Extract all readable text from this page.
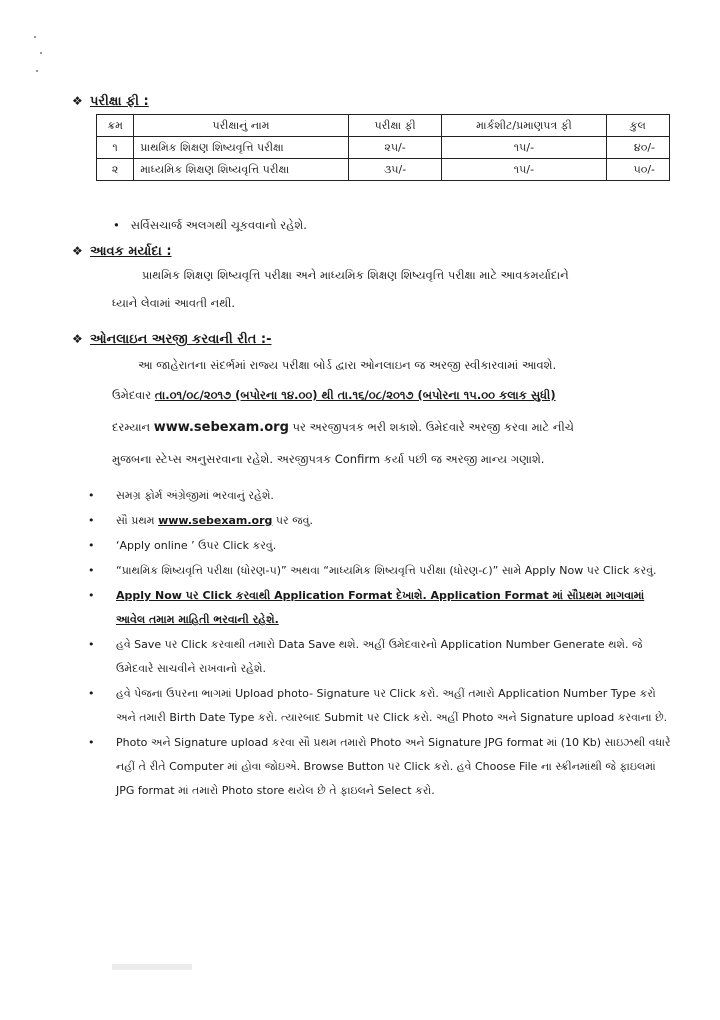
❖ પરીક્ષા ફી :
ક્રમ	પરીક્ષાનું નામ	પરીક્ષા ફી	માર્કશીટ/પ્રમાણપત્ર ફી	કુલ
૧	પ્રાથમિક શિક્ષણ શિષ્યવૃત્તિ પરીક્ષા	૨૫/-	૧૫/-	૪૦/-
૨	માધ્યમિક શિક્ષણ શિષ્યવૃત્તિ પરીક્ષા	૩૫/-	૧૫/-	૫૦/-
• સર્વિસચાર્જ અલગથી ચૂકવવાનો રહેશે.
❖ આવક મર્યાદા :
પ્રાથમિક શિક્ષણ શિષ્યવૃત્તિ પરીક્ષા અને માધ્યમિક શિક્ષણ શિષ્યવૃત્તિ પરીક્ષા માટે આવકમર્યાદાને
ધ્યાને લેવામાં આવતી નથી.
❖ ઓનલાઇન અરજી કરવાની રીત :-
આ જાહેરાતના સંદર્ભમાં રાજ્ય પરીક્ષા બોર્ડ દ્વારા ઓનલાઇન જ અરજી સ્વીકારવામાં આવશે.
ઉમેદવાર તા.૦૧/૦૮/૨૦૧૭ (બપોરના ૧૪.૦૦) થી તા.૧૬/૦૮/૨૦૧૭ (બપોરના ૧૫.૦૦ કલાક સુધી)
દરમ્યાન www.sebexam.org પર અરજીપત્રક ભરી શકાશે. ઉમેદવારે અરજી કરવા માટે નીચે
મુજબના સ્ટેપ્સ અનુસરવાના રહેશે. અરજીપત્રક Confirm કર્યા પછી જ અરજી માન્ય ગણાશે.
• સમગ્ર ફોર્મ અંગ્રેજીમાં ભરવાનું રહેશે.
• સૌ પ્રથમ www.sebexam.org પર જવું.
• ‘Apply online ’ ઉપર Click કરવું.
• “પ્રાથમિક શિષ્યવૃત્તિ પરીક્ષા (ધોરણ-૫)” અથવા “માધ્યમિક શિષ્યવૃત્તિ પરીક્ષા (ધોરણ-૮)” સામે Apply Now પર Click કરવું.
• Apply Now પર Click કરવાથી Application Format દેખાશે. Application Format માં સૌપ્રથમ માગવામાં આવેલ તમામ માહિતી ભરવાની રહેશે.
• હવે Save પર Click કરવાથી તમારો Data Save થશે. અહીં ઉમેદવારનો Application Number Generate થશે. જે ઉમેદવારે સાચવીને રાખવાનો રહેશે.
• હવે પેજના ઉપરના ભાગમાં Upload photo- Signature પર Click કરો. અહીં તમારો Application Number Type કરો અને તમારી Birth Date Type કરો. ત્યારબાદ Submit પર Click કરો. અહીં Photo અને Signature upload કરવાના છે.
• Photo અને Signature upload કરવા સૌ પ્રથમ તમારો Photo અને Signature JPG format માં (10 Kb) સાઇઝથી વધારે નહીં તે રીતે Computer માં હોવા જોઇએ. Browse Button પર Click કરો. હવે Choose File ના સ્ક્રીનમાંથી જે ફાઇલમાં JPG format માં તમારો Photo store થયેલ છે તે ફાઇલને Select કરો.
